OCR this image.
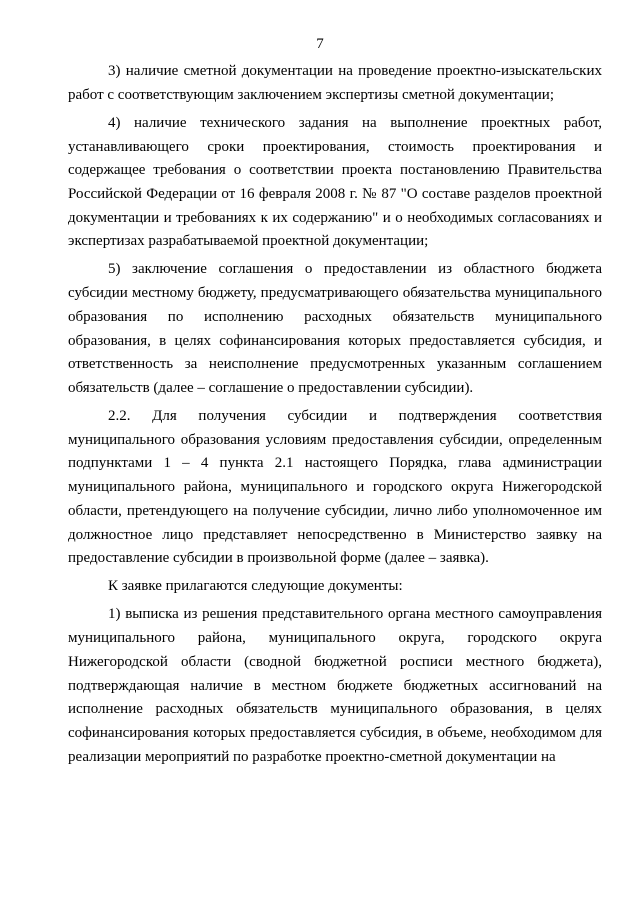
7

3) наличие сметной документации на проведение проектно-изыскательских работ с соответствующим заключением экспертизы сметной документации;

4) наличие технического задания на выполнение проектных работ, устанавливающего сроки проектирования, стоимость проектирования и содержащее требования о соответствии проекта постановлению Правительства Российской Федерации от 16 февраля 2008 г. № 87 "О составе разделов проектной документации и требованиях к их содержанию" и о необходимых согласованиях и экспертизах разрабатываемой проектной документации;

5) заключение соглашения о предоставлении из областного бюджета субсидии местному бюджету, предусматривающего обязательства муниципального образования по исполнению расходных обязательств муниципального образования, в целях софинансирования которых предоставляется субсидия, и ответственность за неисполнение предусмотренных указанным соглашением обязательств (далее – соглашение о предоставлении субсидии).

2.2. Для получения субсидии и подтверждения соответствия муниципального образования условиям предоставления субсидии, определенным подпунктами 1 – 4 пункта 2.1 настоящего Порядка, глава администрации муниципального района, муниципального и городского округа Нижегородской области, претендующего на получение субсидии, лично либо уполномоченное им должностное лицо представляет непосредственно в Министерство заявку на предоставление субсидии в произвольной форме (далее – заявка).

К заявке прилагаются следующие документы:

1) выписка из решения представительного органа местного самоуправления муниципального района, муниципального округа, городского округа Нижегородской области (сводной бюджетной росписи местного бюджета), подтверждающая наличие в местном бюджете бюджетных ассигнований на исполнение расходных обязательств муниципального образования, в целях софинансирования которых предоставляется субсидия, в объеме, необходимом для реализации мероприятий по разработке проектно-сметной документации на
